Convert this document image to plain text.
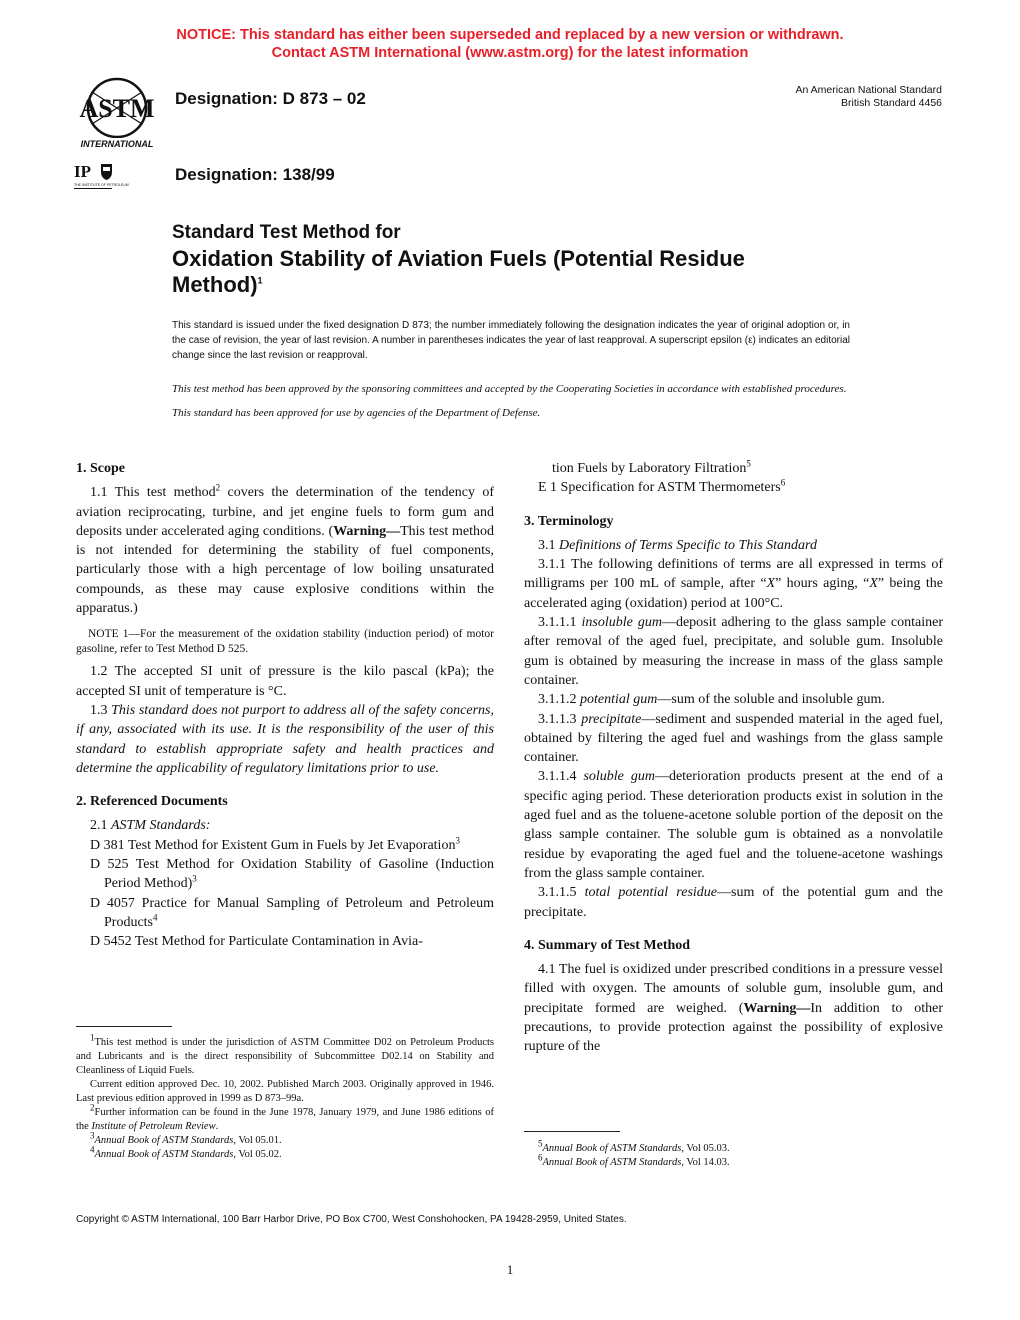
NOTICE: This standard has either been superseded and replaced by a new version or withdrawn.
Contact ASTM International (www.astm.org) for the latest information
ASTM
INTERNATIONAL
IP
THE INSTITUTE OF PETROLEUM
Designation: D 873 – 02
Designation: 138/99
An American National Standard
British Standard 4456
Standard Test Method for
Oxidation Stability of Aviation Fuels (Potential Residue
Method)$^1$
This standard is issued under the fixed designation D 873; the number immediately following the designation indicates the year of original adoption or, in the case of revision, the year of last revision. A number in parentheses indicates the year of last reapproval. A superscript epsilon (ε) indicates an editorial change since the last revision or reapproval.
This test method has been approved by the sponsoring committees and accepted by the Cooperating Societies in accordance with established procedures.
This standard has been approved for use by agencies of the Department of Defense.
1. Scope

1.1 This test method$^2$ covers the determination of the tendency of aviation reciprocating, turbine, and jet engine fuels to form gum and deposits under accelerated aging conditions. (Warning—This test method is not intended for determining the stability of fuel components, particularly those with a high percentage of low boiling unsaturated compounds, as these may cause explosive conditions within the apparatus.)

NOTE 1—For the measurement of the oxidation stability (induction period) of motor gasoline, refer to Test Method D 525.

1.2 The accepted SI unit of pressure is the kilo pascal (kPa); the accepted SI unit of temperature is °C.

1.3 This standard does not purport to address all of the safety concerns, if any, associated with its use. It is the responsibility of the user of this standard to establish appropriate safety and health practices and determine the applicability of regulatory limitations prior to use.

2. Referenced Documents

2.1 ASTM Standards:

D 381 Test Method for Existent Gum in Fuels by Jet Evaporation$^3$

D 525 Test Method for Oxidation Stability of Gasoline (Induction Period Method)$^3$

D 4057 Practice for Manual Sampling of Petroleum and Petroleum Products$^4$

D 5452 Test Method for Particulate Contamination in Avia-

$^1$This test method is under the jurisdiction of ASTM Committee D02 on Petroleum Products and Lubricants and is the direct responsibility of Subcommittee D02.14 on Stability and Cleanliness of Liquid Fuels.

Current edition approved Dec. 10, 2002. Published March 2003. Originally approved in 1946. Last previous edition approved in 1999 as D 873–99a.

$^2$Further information can be found in the June 1978, January 1979, and June 1986 editions of the Institute of Petroleum Review.

$^3$Annual Book of ASTM Standards, Vol 05.01.

$^4$Annual Book of ASTM Standards, Vol 05.02.

tion Fuels by Laboratory Filtration$^5$

E 1 Specification for ASTM Thermometers$^6$

3. Terminology

3.1 Definitions of Terms Specific to This Standard

3.1.1 The following definitions of terms are all expressed in terms of milligrams per 100 mL of sample, after “X” hours aging, “X” being the accelerated aging (oxidation) period at 100°C.

3.1.1.1 insoluble gum—deposit adhering to the glass sample container after removal of the aged fuel, precipitate, and soluble gum. Insoluble gum is obtained by measuring the increase in mass of the glass sample container.

3.1.1.2 potential gum—sum of the soluble and insoluble gum.

3.1.1.3 precipitate—sediment and suspended material in the aged fuel, obtained by filtering the aged fuel and washings from the glass sample container.

3.1.1.4 soluble gum—deterioration products present at the end of a specific aging period. These deterioration products exist in solution in the aged fuel and as the toluene-acetone soluble portion of the deposit on the glass sample container. The soluble gum is obtained as a nonvolatile residue by evaporating the aged fuel and the toluene-acetone washings from the glass sample container.

3.1.1.5 total potential residue—sum of the potential gum and the precipitate.

4. Summary of Test Method

4.1 The fuel is oxidized under prescribed conditions in a pressure vessel filled with oxygen. The amounts of soluble gum, insoluble gum, and precipitate formed are weighed. (Warning—In addition to other precautions, to provide protection against the possibility of explosive rupture of the

$^5$Annual Book of ASTM Standards, Vol 05.03.

$^6$Annual Book of ASTM Standards, Vol 14.03.

Copyright © ASTM International, 100 Barr Harbor Drive, PO Box C700, West Conshohocken, PA 19428-2959, United States.
1
